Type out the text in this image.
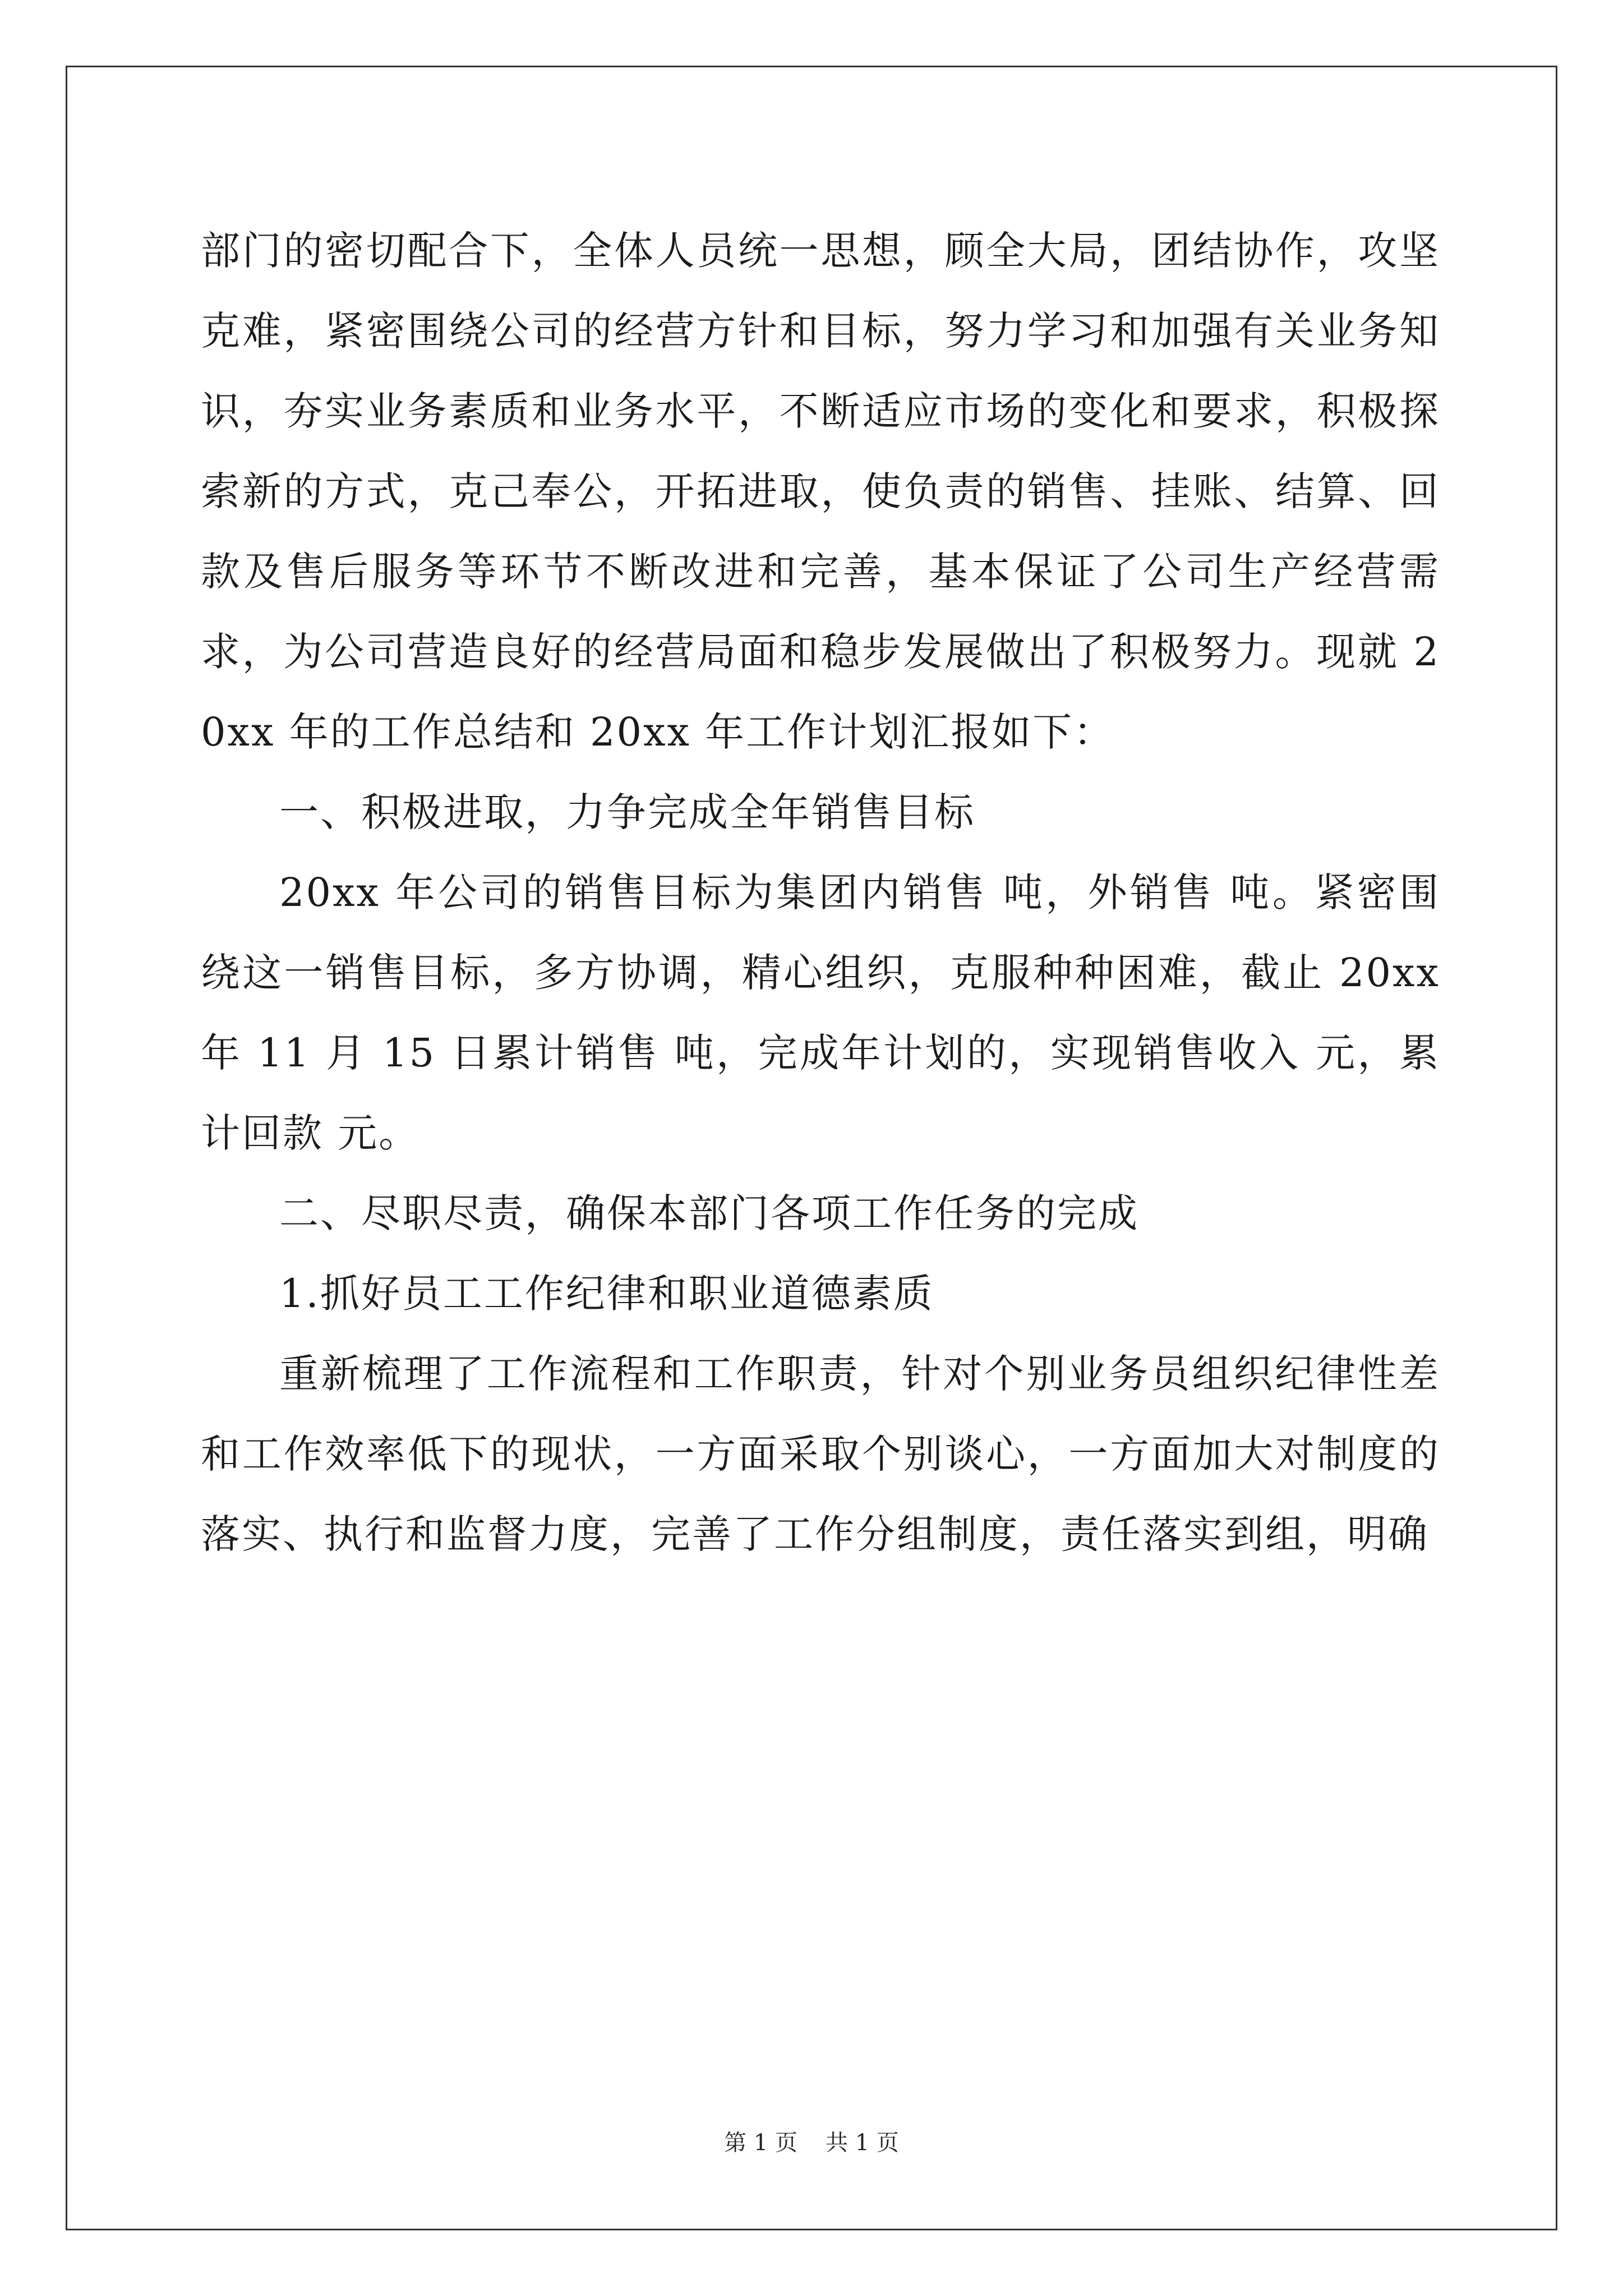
部门的密切配合下，全体人员统一思想，顾全大局，团结协作，攻坚克难，紧密围绕公司的经营方针和目标，努力学习和加强有关业务知识，夯实业务素质和业务水平，不断适应市场的变化和要求，积极探索新的方式，克己奉公，开拓进取，使负责的销售、挂账、结算、回款及售后服务等环节不断改进和完善，基本保证了公司生产经营需求，为公司营造良好的经营局面和稳步发展做出了积极努力。现就 20xx 年的工作总结和 20xx 年工作计划汇报如下：

一、积极进取，力争完成全年销售目标

20xx 年公司的销售目标为集团内销售 吨，外销售 吨。紧密围绕这一销售目标，多方协调，精心组织，克服种种困难，截止 20xx 年 11 月 15 日累计销售 吨，完成年计划的，实现销售收入 元，累计回款 元。

二、尽职尽责，确保本部门各项工作任务的完成

1.抓好员工工作纪律和职业道德素质

重新梳理了工作流程和工作职责，针对个别业务员组织纪律性差和工作效率低下的现状，一方面采取个别谈心，一方面加大对制度的落实、执行和监督力度，完善了工作分组制度，责任落实到组，明确

第 1 页 共 1 页
